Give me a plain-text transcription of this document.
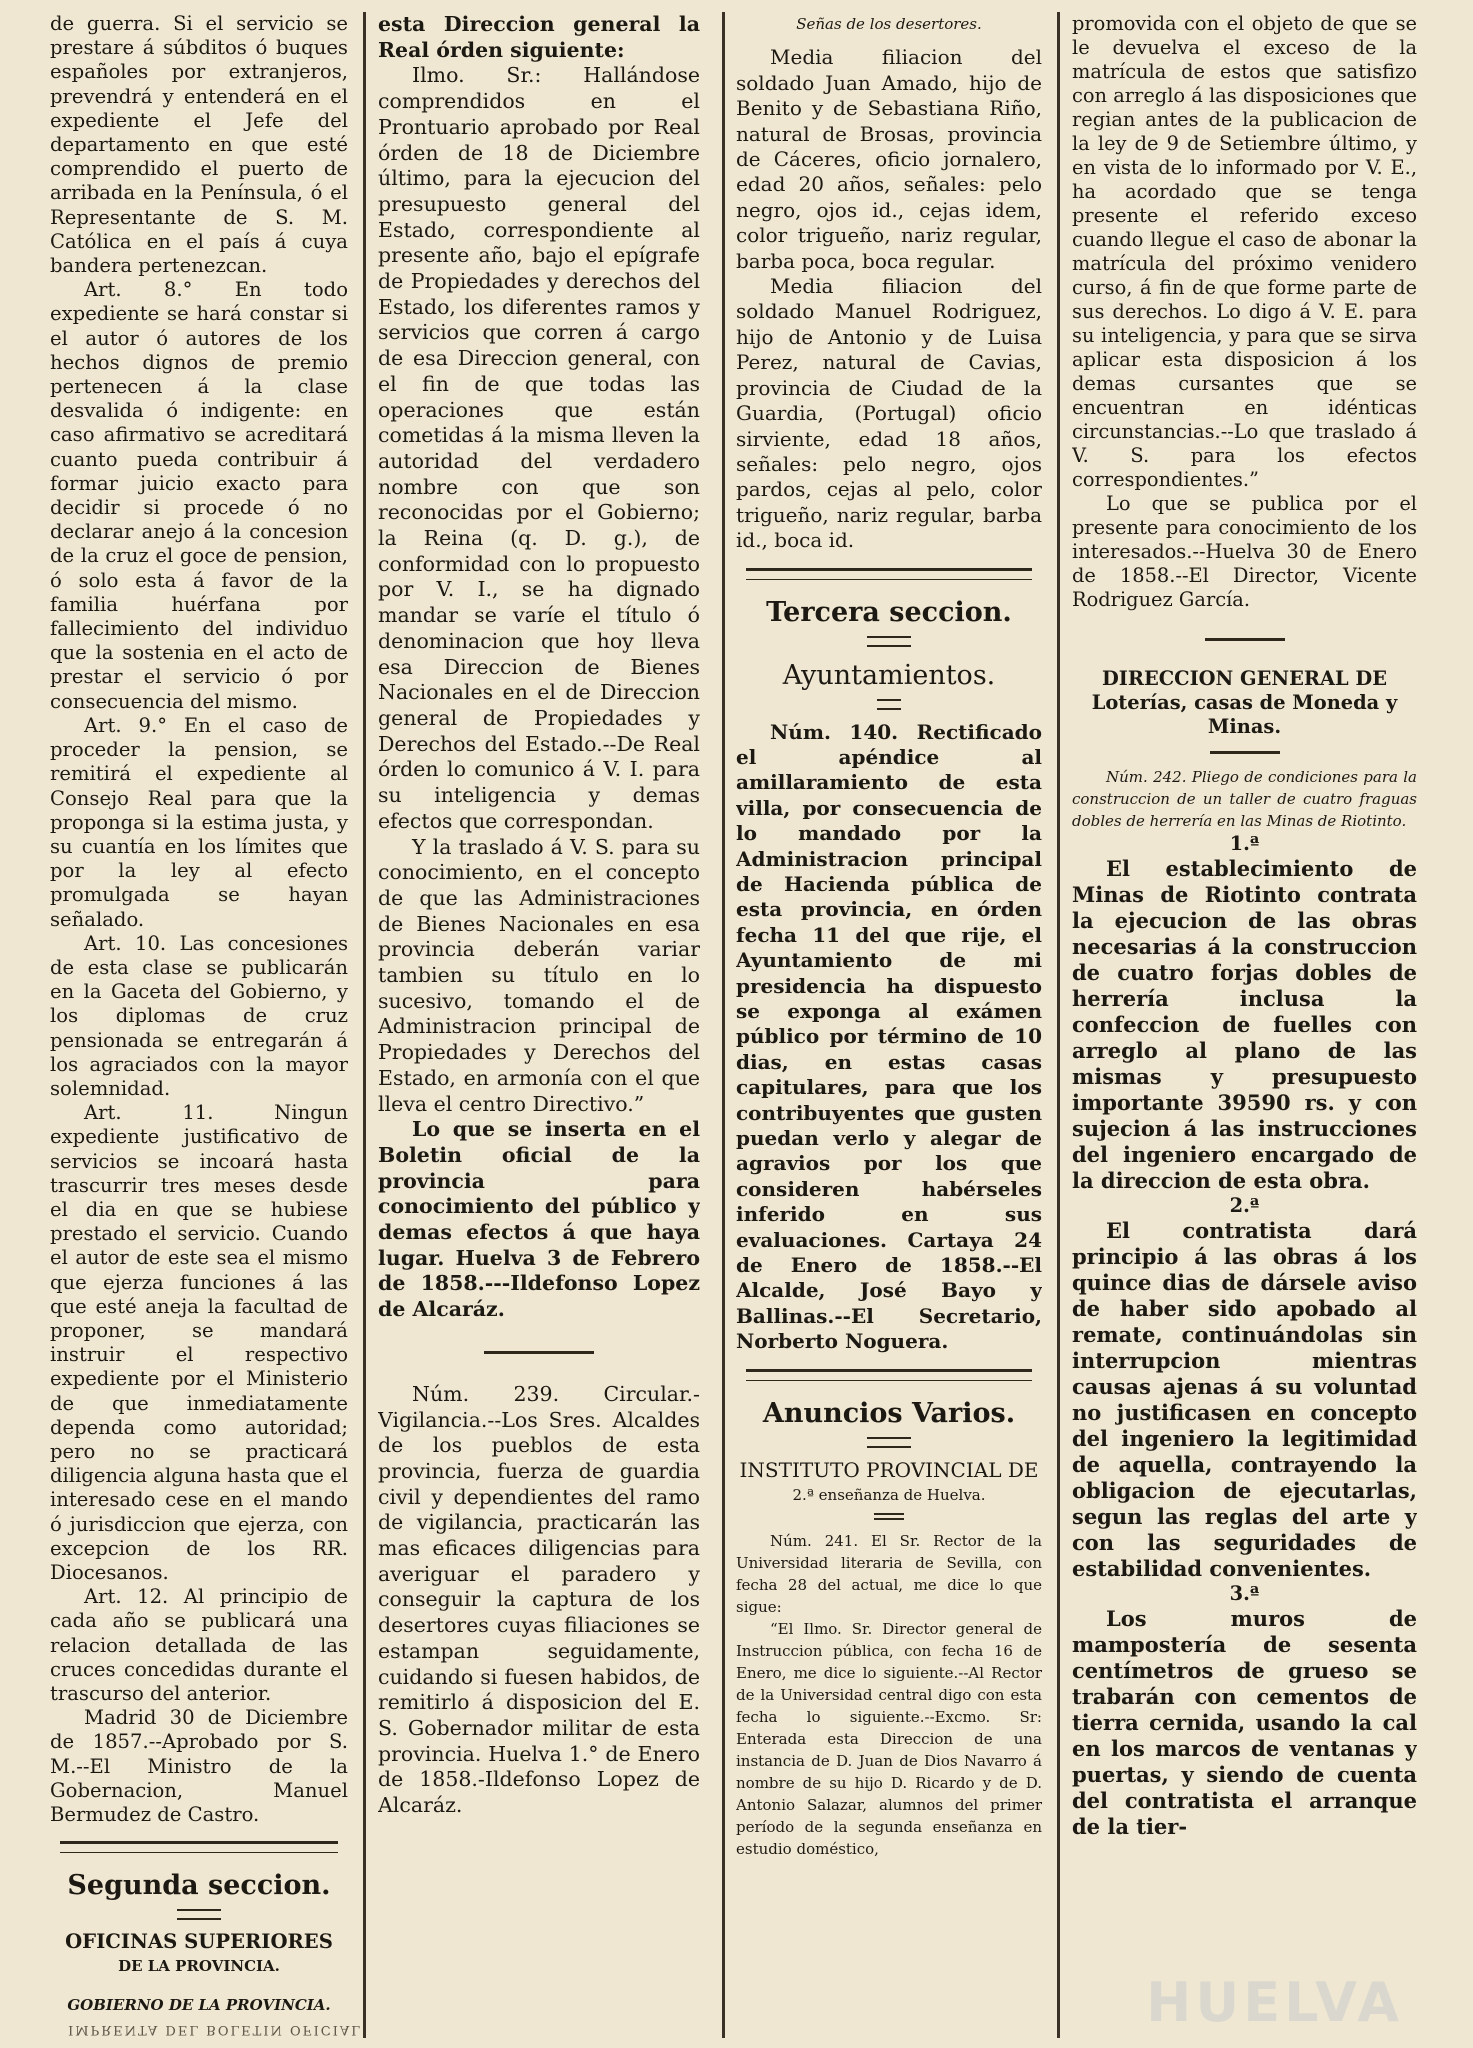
de guerra. Si el servicio se prestare á súbditos ó buques españoles por extranjeros, prevendrá y entenderá en el expediente el Jefe del departamento en que esté comprendido el puerto de arribada en la Península, ó el Representante de S. M. Católica en el país á cuya bandera pertenezcan.

Art. 8.° En todo expediente se hará constar si el autor ó autores de los hechos dignos de premio pertenecen á la clase desvalida ó indigente: en caso afirmativo se acreditará cuanto pueda contribuir á formar juicio exacto para decidir si procede ó no declarar anejo á la concesion de la cruz el goce de pension, ó solo esta á favor de la familia huérfana por fallecimiento del individuo que la sostenia en el acto de prestar el servicio ó por consecuencia del mismo.

Art. 9.° En el caso de proceder la pension, se remitirá el expediente al Consejo Real para que la proponga si la estima justa, y su cuantía en los límites que por la ley al efecto promulgada se hayan señalado.

Art. 10. Las concesiones de esta clase se publicarán en la Gaceta del Gobierno, y los diplomas de cruz pensionada se entregarán á los agraciados con la mayor solemnidad.

Art. 11. Ningun expediente justificativo de servicios se incoará hasta trascurrir tres meses desde el dia en que se hubiese prestado el servicio. Cuando el autor de este sea el mismo que ejerza funciones á las que esté aneja la facultad de proponer, se mandará instruir el respectivo expediente por el Ministerio de que inmediatamente dependa como autoridad; pero no se practicará diligencia alguna hasta que el interesado cese en el mando ó jurisdiccion que ejerza, con excepcion de los RR. Diocesanos.

Art. 12. Al principio de cada año se publicará una relacion detallada de las cruces concedidas durante el trascurso del anterior.

Madrid 30 de Diciembre de 1857.--Aprobado por S. M.--El Ministro de la Gobernacion, Manuel Bermudez de Castro.

Segunda seccion.

OFICINAS SUPERIORES

DE LA PROVINCIA.

GOBIERNO DE LA PROVINCIA.

esta Direccion general la Real órden siguiente:

Ilmo. Sr.: Hallándose comprendidos en el Prontuario aprobado por Real órden de 18 de Diciembre último, para la ejecucion del presupuesto general del Estado, correspondiente al presente año, bajo el epígrafe de Propiedades y derechos del Estado, los diferentes ramos y servicios que corren á cargo de esa Direccion general, con el fin de que todas las operaciones que están cometidas á la misma lleven la autoridad del verdadero nombre con que son reconocidas por el Gobierno; la Reina (q. D. g.), de conformidad con lo propuesto por V. I., se ha dignado mandar se varíe el título ó denominacion que hoy lleva esa Direccion de Bienes Nacionales en el de Direccion general de Propiedades y Derechos del Estado.--De Real órden lo comunico á V. I. para su inteligencia y demas efectos que correspondan.

Y la traslado á V. S. para su conocimiento, en el concepto de que las Administraciones de Bienes Nacionales en esa provincia deberán variar tambien su título en lo sucesivo, tomando el de Administracion principal de Propiedades y Derechos del Estado, en armonía con el que lleva el centro Directivo.”

Lo que se inserta en el Boletin oficial de la provincia para conocimiento del público y demas efectos á que haya lugar. Huelva 3 de Febrero de 1858.---Ildefonso Lopez de Alcaráz.

Núm. 239. Circular.-Vigilancia.--Los Sres. Alcaldes de los pueblos de esta provincia, fuerza de guardia civil y dependientes del ramo de vigilancia, practicarán las mas eficaces diligencias para averiguar el paradero y conseguir la captura de los desertores cuyas filiaciones se estampan seguidamente, cuidando si fuesen habidos, de remitirlo á disposicion del E. S. Gobernador militar de esta provincia. Huelva 1.° de Enero de 1858.-Ildefonso Lopez de Alcaráz.

Señas de los desertores.

Media filiacion del soldado Juan Amado, hijo de Benito y de Sebastiana Riño, natural de Brosas, provincia de Cáceres, oficio jornalero, edad 20 años, señales: pelo negro, ojos id., cejas idem, color trigueño, nariz regular, barba poca, boca regular.

Media filiacion del soldado Manuel Rodriguez, hijo de Antonio y de Luisa Perez, natural de Cavias, provincia de Ciudad de la Guardia, (Portugal) oficio sirviente, edad 18 años, señales: pelo negro, ojos pardos, cejas al pelo, color trigueño, nariz regular, barba id., boca id.

Tercera seccion.

Ayuntamientos.

Núm. 140. Rectificado el apéndice al amillaramiento de esta villa, por consecuencia de lo mandado por la Administracion principal de Hacienda pública de esta provincia, en órden fecha 11 del que rije, el Ayuntamiento de mi presidencia ha dispuesto se exponga al exámen público por término de 10 dias, en estas casas capitulares, para que los contribuyentes que gusten puedan verlo y alegar de agravios por los que consideren habérseles inferido en sus evaluaciones. Cartaya 24 de Enero de 1858.--El Alcalde, José Bayo y Ballinas.--El Secretario, Norberto Noguera.

Anuncios Varios.

INSTITUTO PROVINCIAL DE

2.ª enseñanza de Huelva.

Núm. 241. El Sr. Rector de la Universidad literaria de Sevilla, con fecha 28 del actual, me dice lo que sigue:

“El Ilmo. Sr. Director general de Instruccion pública, con fecha 16 de Enero, me dice lo siguiente.--Al Rector de la Universidad central digo con esta fecha lo siguiente.--Excmo. Sr: Enterada esta Direccion de una instancia de D. Juan de Dios Navarro á nombre de su hijo D. Ricardo y de D. Antonio Salazar, alumnos del primer período de la segunda enseñanza en estudio doméstico,

promovida con el objeto de que se le devuelva el exceso de la matrícula de estos que satisfizo con arreglo á las disposiciones que regian antes de la publicacion de la ley de 9 de Setiembre último, y en vista de lo informado por V. E., ha acordado que se tenga presente el referido exceso cuando llegue el caso de abonar la matrícula del próximo venidero curso, á fin de que forme parte de sus derechos. Lo digo á V. E. para su inteligencia, y para que se sirva aplicar esta disposicion á los demas cursantes que se encuentran en idénticas circunstancias.--Lo que traslado á V. S. para los efectos correspondientes.”

Lo que se publica por el presente para conocimiento de los interesados.--Huelva 30 de Enero de 1858.--El Director, Vicente Rodriguez García.

DIRECCION GENERAL DE Loterías, casas de Moneda y Minas.

Núm. 242. Pliego de condiciones para la construccion de un taller de cuatro fraguas dobles de herrería en las Minas de Riotinto.

1.ª

El establecimiento de Minas de Riotinto contrata la ejecucion de las obras necesarias á la construccion de cuatro forjas dobles de herrería inclusa la confeccion de fuelles con arreglo al plano de las mismas y presupuesto importante 39590 rs. y con sujecion á las instrucciones del ingeniero encargado de la direccion de esta obra.

2.ª

El contratista dará principio á las obras á los quince dias de dársele aviso de haber sido apobado al remate, continuándolas sin interrupcion mientras causas ajenas á su voluntad no justificasen en concepto del ingeniero la legitimidad de aquella, contrayendo la obligacion de ejecutarlas, segun las reglas del arte y con las seguridades de estabilidad convenientes.

3.ª

Los muros de mampostería de sesenta centímetros de grueso se trabarán con cementos de tierra cernida, usando la cal en los marcos de ventanas y puertas, y siendo de cuenta del contratista el arranque de la tier-

IMPRENTA DEL BOLETIN OFICIAL	HUELVA
